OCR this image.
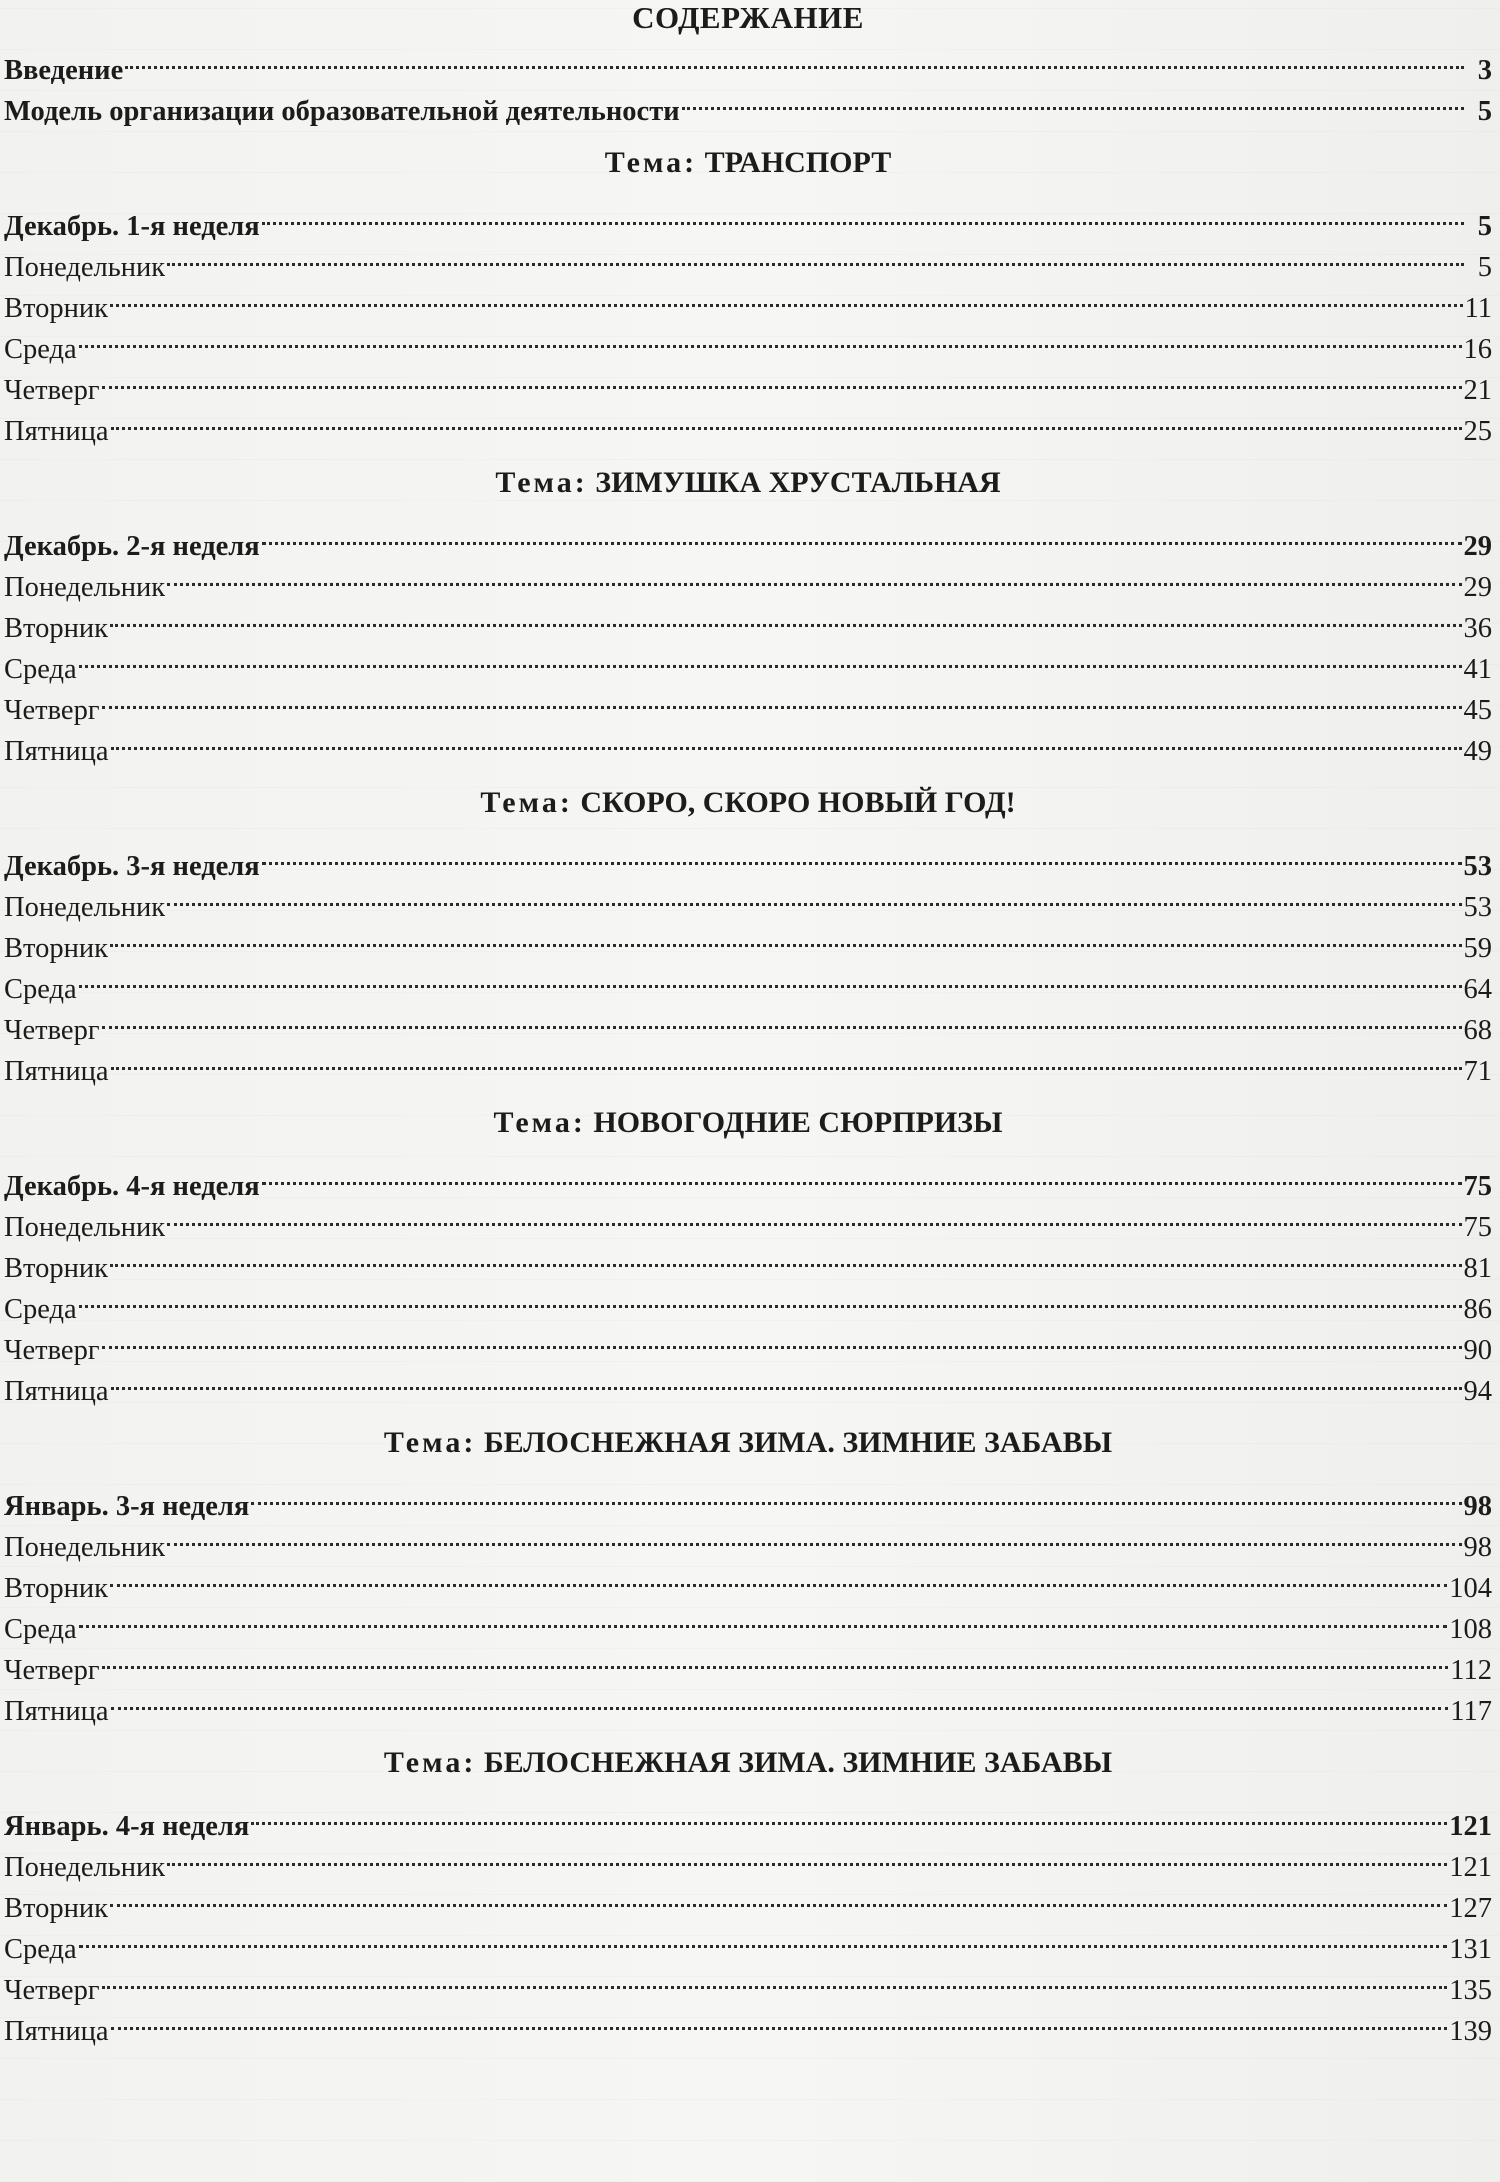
СОДЕРЖАНИЕ
Введение	3
Модель организации образовательной деятельности	5
Тема: ТРАНСПОРТ
Декабрь. 1-я неделя	5
Понедельник	5
Вторник	11
Среда	16
Четверг	21
Пятница	25
Тема: ЗИМУШКА ХРУСТАЛЬНАЯ
Декабрь. 2-я неделя	29
Понедельник	29
Вторник	36
Среда	41
Четверг	45
Пятница	49
Тема: СКОРО, СКОРО НОВЫЙ ГОД!
Декабрь. 3-я неделя	53
Понедельник	53
Вторник	59
Среда	64
Четверг	68
Пятница	71
Тема: НОВОГОДНИЕ СЮРПРИЗЫ
Декабрь. 4-я неделя	75
Понедельник	75
Вторник	81
Среда	86
Четверг	90
Пятница	94
Тема: БЕЛОСНЕЖНАЯ ЗИМА. ЗИМНИЕ ЗАБАВЫ
Январь. 3-я неделя	98
Понедельник	98
Вторник	104
Среда	108
Четверг	112
Пятница	117
Тема: БЕЛОСНЕЖНАЯ ЗИМА. ЗИМНИЕ ЗАБАВЫ
Январь. 4-я неделя	121
Понедельник	121
Вторник	127
Среда	131
Четверг	135
Пятница	139
